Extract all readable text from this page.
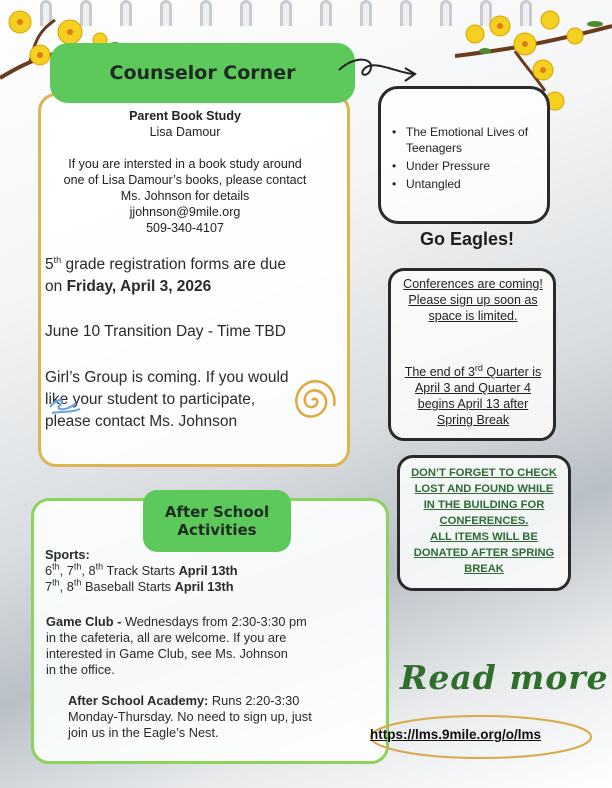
Counselor Corner
Parent Book Study
Lisa Damour
If you are intersted in a book study around
one of Lisa Damour’s books, please contact
Ms. Johnson for details
jjohnson@9mile.org
509-340-4107
5th grade registration forms are due
on Friday, April 3, 2026
June 10 Transition Day - Time TBD
Girl’s Group is coming. If you would
like your student to participate,
please contact Ms. Johnson
• The Emotional Lives of Teenagers
• Under Pressure
• Untangled
Go Eagles!
Conferences are coming!
Please sign up soon as
space is limited.
The end of 3rd Quarter is
April 3 and Quarter 4
begins April 13 after
Spring Break
DON’T FORGET TO CHECK
LOST AND FOUND WHILE
IN THE BUILDING FOR
CONFERENCES.
ALL ITEMS WILL BE
DONATED AFTER SPRING
BREAK
After School
Activities
Sports:
6th, 7th, 8th Track Starts April 13th
7th, 8th Baseball Starts April 13th
Game Club - Wednesdays from 2:30-3:30 pm
in the cafeteria, all are welcome. If you are
interested in Game Club, see Ms. Johnson
in the office.
After School Academy: Runs 2:20-3:30
Monday-Thursday. No need to sign up, just
join us in the Eagle’s Nest.
Read more
https://lms.9mile.org/o/lms
